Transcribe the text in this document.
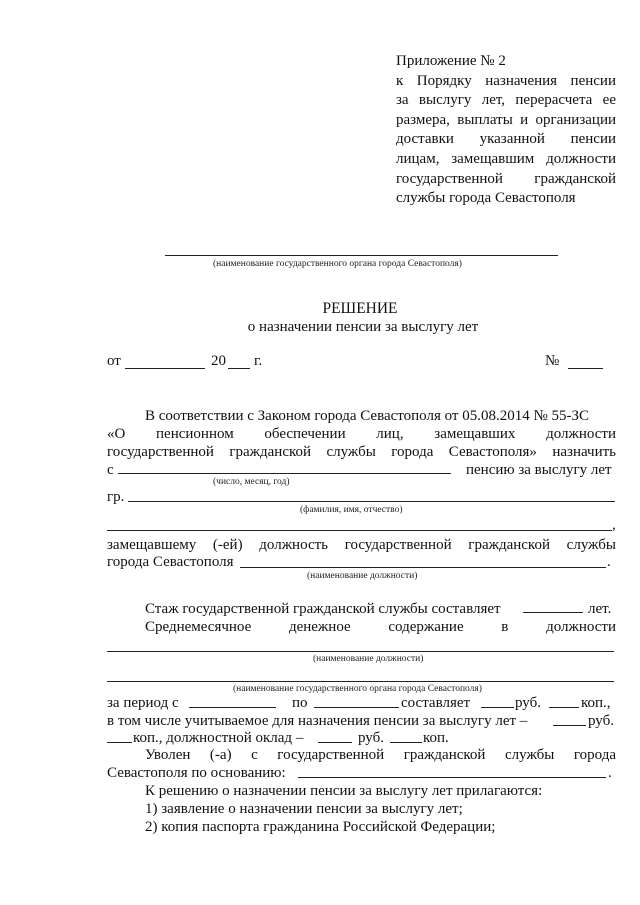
Приложение № 2
к Порядку назначения пенсии
за выслугу лет, перерасчета ее
размера, выплаты и организации
доставки указанной пенсии
лицам, замещавшим должности
государственной гражданской
службы города Севастополя
(наименование государственного органа города Севастополя)
РЕШЕНИЕ
о назначении пенсии за выслугу лет
от	20 г.	№
В соответствии с Законом города Севастополя от 05.08.2014 № 55-ЗС
«О пенсионном обеспечении лиц, замещавших должности
государственной гражданской службы города Севастополя» назначить
с	пенсию за выслугу лет
(число, месяц, год)
гр.
(фамилия, имя, отчество)
,
замещавшему (-ей) должность государственной гражданской службы
города Севастополя	.
(наименование должности)
Стаж государственной гражданской службы составляет	лет.
Среднемесячное денежное содержание в должности
(наименование должности)
(наименование государственного органа города Севастополя)
за период с	по	составляет	руб.	коп.,
в том числе учитываемое для назначения пенсии за выслугу лет –	руб.
коп., должностной оклад –	руб.	коп.
Уволен (-а) с государственной гражданской службы города
Севастополя по основанию:	.
К решению о назначении пенсии за выслугу лет прилагаются:
1) заявление о назначении пенсии за выслугу лет;
2) копия паспорта гражданина Российской Федерации;
